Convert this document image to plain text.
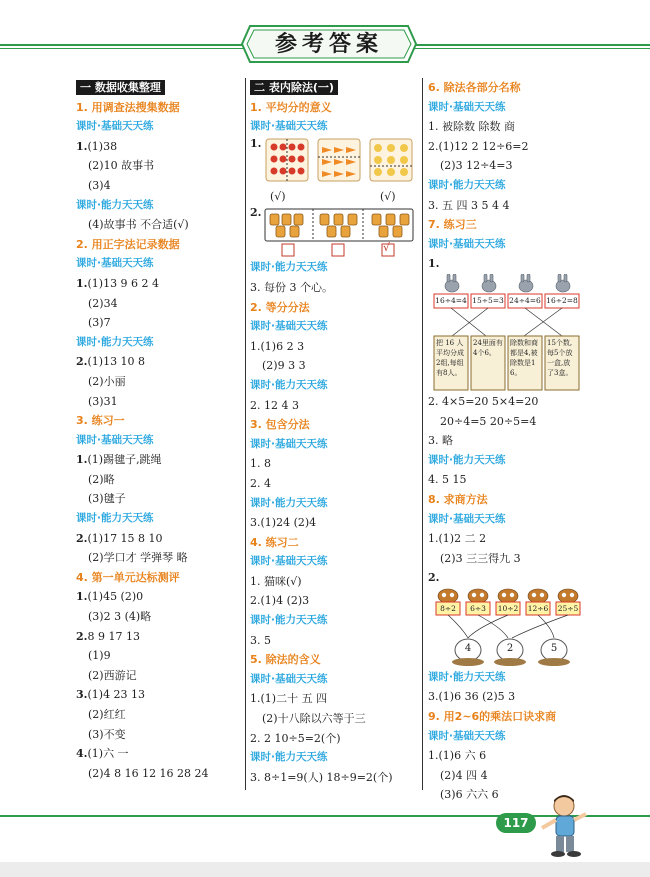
参考答案
一 数据收集整理
1. 用调查法搜集数据
课时·基础天天练
1.(1)38
(2)10 故事书
(3)4
课时·能力天天练
(4)故事书 不合适(√)
2. 用正字法记录数据
课时·基础天天练
1.(1)13 9 6 2 4
(2)34
(3)7
课时·能力天天练
2.(1)13 10 8
(2)小丽
(3)31
3. 练习一
课时·基础天天练
1.(1)踢毽子,跳绳
(2)略
(3)毽子
课时·能力天天练
2.(1)17 15 8 10
(2)学口才 学弹琴 略
4. 第一单元达标测评
1.(1)45 (2)0
(3)2 3 (4)略
2.8 9 17 13
(1)9
(2)西游记
3.(1)4 23 13
(2)红红
(3)不变
4.(1)六 一
(2)4 8 16 12 16 28 24
二 表内除法(一)
1. 平均分的意义
课时·基础天天练
1.
(√)	(√)
2.
√
课时·能力天天练
3. 每份 3 个心。
2. 等分分法
课时·基础天天练
1.(1)6 2 3
(2)9 3 3
课时·能力天天练
2. 12 4 3
3. 包含分法
课时·基础天天练
1. 8
2. 4
课时·能力天天练
3.(1)24 (2)4
4. 练习二
课时·基础天天练
1. 猫咪(√)
2.(1)4 (2)3
课时·能力天天练
3. 5
5. 除法的含义
课时·基础天天练
1.(1)二十 五 四
(2)十八除以六等于三
2. 2 10÷5=2(个)
课时·能力天天练
3. 8÷1=9(人) 18÷9=2(个)
6. 除法各部分名称
课时·基础天天练
1. 被除数 除数 商
2.(1)12 2 12÷6=2
(2)3 12÷4=3
课时·能力天天练
3. 五 四 3 5 4 4
7. 练习三
课时·基础天天练
1.
16÷4=4 15÷5=3 24÷4=6 16÷2=8
把 16 人平均分成2组,每组有8人。
24里面有4个6。
除数和商都是4,被除数是16。
15个数,每5个放一盒,放了3盒。
2. 4×5=20 5×4=20
20÷4=5 20÷5=4
3. 略
课时·能力天天练
4. 5 15
8. 求商方法
课时·基础天天练
1.(1)2 二 2
(2)3 三三得九 3
2.
8÷2	6÷3	10÷2 12÷6 25÷5
4	2	5
课时·能力天天练
3.(1)6 36 (2)5 3
9. 用2~6的乘法口诀求商
课时·基础天天练
1.(1)6 六 6
(2)4 四 4
(3)6 六六 6
117
